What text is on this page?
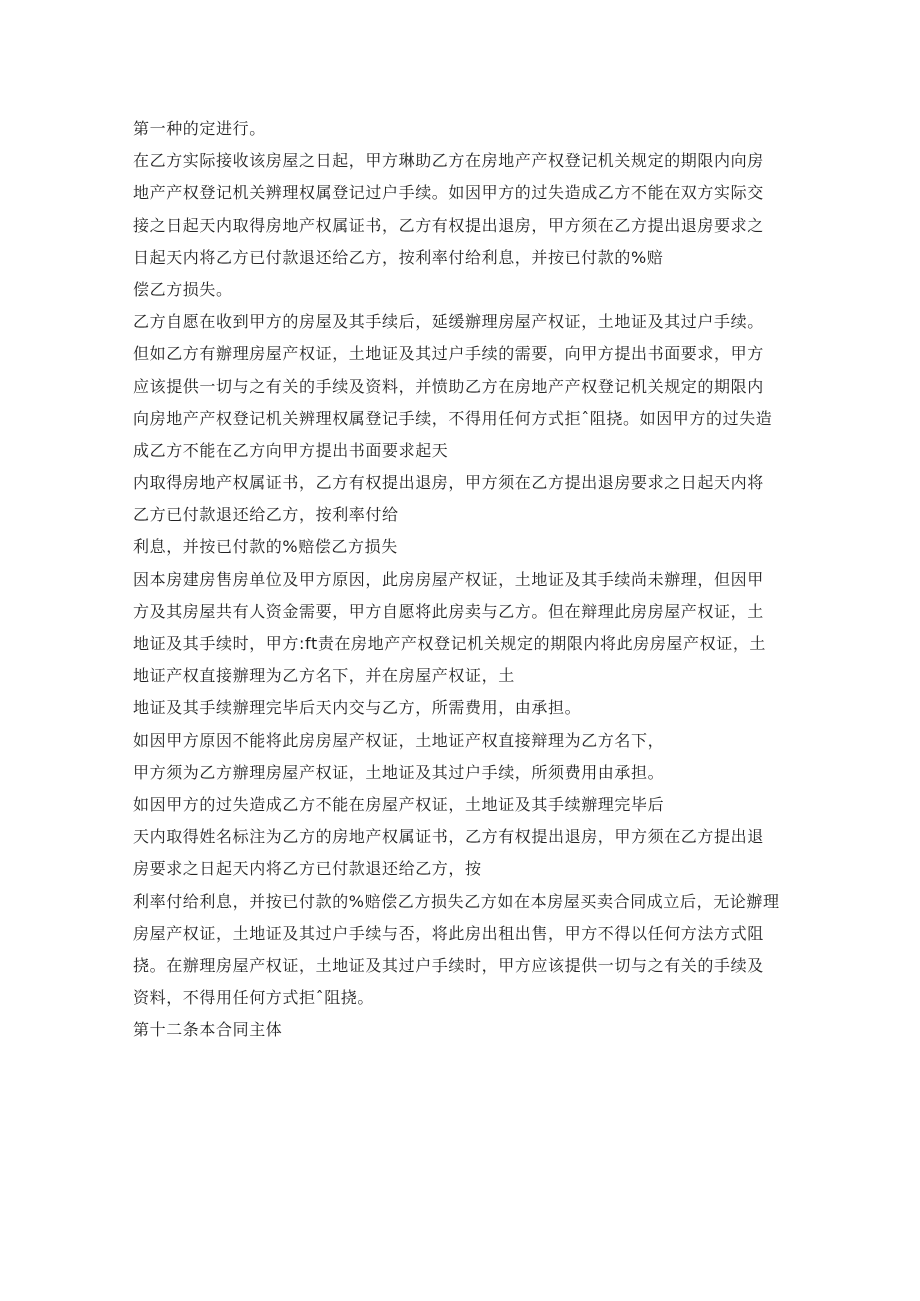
第一种的定进行。
在乙方实际接收该房屋之日起，甲方琳助乙方在房地产产权登记机关规定的期限内向房
地产产权登记机关辨理权属登记过户手续。如因甲方的过失造成乙方不能在双方实际交
接之日起天内取得房地产权属证书，乙方有权提出退房，甲方须在乙方提出退房要求之
日起天内将乙方已付款退还给乙方，按利率付给利息，并按已付款的%赔
偿乙方损失。
乙方自愿在收到甲方的房屋及其手续后，延缓辦理房屋产权证，土地证及其过户手续。
但如乙方有辦理房屋产权证，土地证及其过户手续的需要，向甲方提出书面要求，甲方
应该提供一切与之有关的手续及资料，并愤助乙方在房地产产权登记机关规定的期限内
向房地产产权登记机关辨理权属登记手续，不得用任何方式拒ˆ阻挠。如因甲方的过失造
成乙方不能在乙方向甲方提出书面要求起天
内取得房地产权属证书，乙方有权提出退房，甲方须在乙方提出退房要求之日起天内将
乙方已付款退还给乙方，按利率付给
利息，并按已付款的%赔偿乙方损失
因本房建房售房单位及甲方原因，此房房屋产权证，土地证及其手续尚未辦理，但因甲
方及其房屋共有人资金需要，甲方自愿将此房卖与乙方。但在辩理此房房屋产权证，土
地证及其手续时，甲方:ft责在房地产产权登记机关规定的期限内将此房房屋产权证，土
地证产权直接辦理为乙方名下，并在房屋产权证，土
地证及其手续辦理完毕后天内交与乙方，所需费用，由承担。
如因甲方原因不能将此房房屋产权证，土地证产权直接辩理为乙方名下，
甲方须为乙方辦理房屋产权证，土地证及其过户手续，所须费用由承担。
如因甲方的过失造成乙方不能在房屋产权证，土地证及其手续辦理完毕后
天内取得姓名标注为乙方的房地产权属证书，乙方有权提出退房，甲方须在乙方提出退
房要求之日起天内将乙方已付款退还给乙方，按
利率付给利息，并按已付款的%赔偿乙方损失乙方如在本房屋买卖合同成立后，无论辦理
房屋产权证，土地证及其过户手续与否，将此房出租出售，甲方不得以任何方法方式阻
挠。在辦理房屋产权证，土地证及其过户手续时，甲方应该提供一切与之有关的手续及
资料，不得用任何方式拒ˆ阻挠。
第十二条本合同主体
